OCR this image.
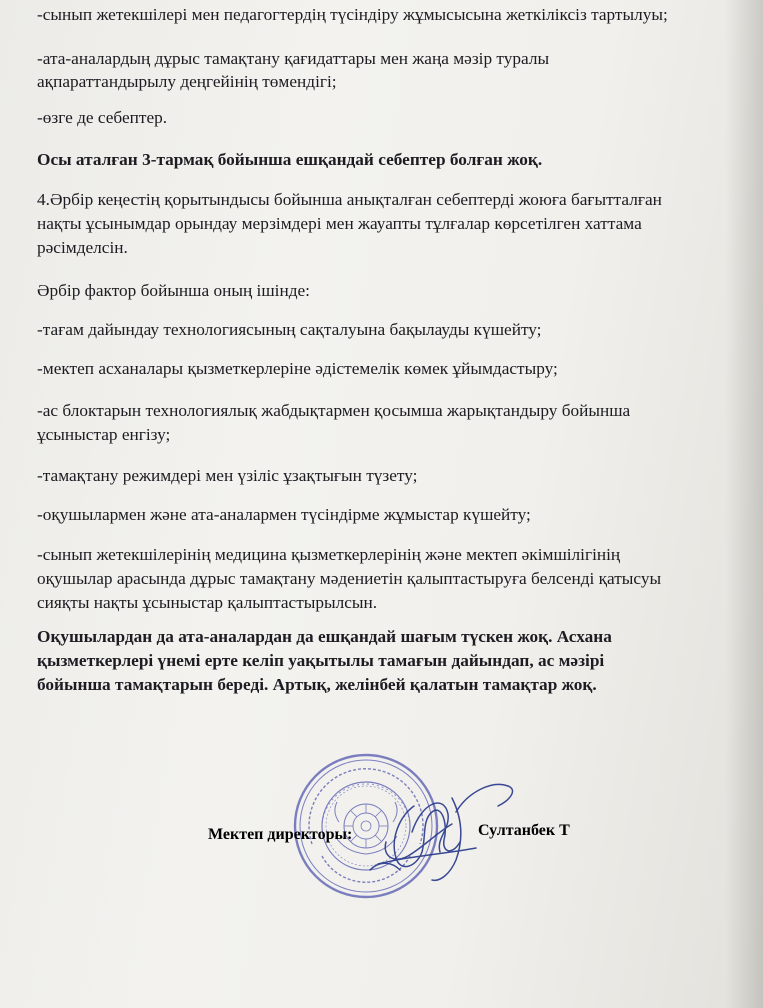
-сынып жетекшілері мен педагогтердің түсіндіру жұмысысына жеткіліксіз тартылуы;
-ата-аналардың дұрыс тамақтану қағидаттары мен жаңа мәзір туралы
ақпараттандырылу деңгейінің төмендігі;
-өзге де себептер.
Осы аталған 3-тармақ бойынша ешқандай себептер болған жоқ.
4.Әрбір кеңестің қорытындысы бойынша анықталған себептерді жоюға бағытталған
нақты ұсынымдар орындау мерзімдері мен жауапты тұлғалар көрсетілген хаттама
рәсімделсін.
Әрбір фактор бойынша оның ішінде:
-тағам дайындау технологиясының сақталуына бақылауды күшейту;
-мектеп асханалары қызметкерлеріне әдістемелік көмек ұйымдастыру;
-ас блоктарын технологиялық жабдықтармен қосымша жарықтандыру бойынша
ұсыныстар енгізу;
-тамақтану режимдері мен үзіліс ұзақтығын түзету;
-оқушылармен және ата-аналармен түсіндірме жұмыстар күшейту;
-сынып жетекшілерінің медицина қызметкерлерінің және мектеп әкімшілігінің
оқушылар арасында дұрыс тамақтану мәдениетін қалыптастыруға белсенді қатысуы
сияқты нақты ұсыныстар қалыптастырылсын.
Оқушылардан да ата-аналардан да ешқандай шағым түскен жоқ. Асхана
қызметкерлері үнемі ерте келіп уақытылы тамағын дайындап, ас мәзірі
бойынша тамақтарын береді. Артық, желінбей қалатын тамақтар жоқ.
Мектеп директоры:	Султанбек Т
